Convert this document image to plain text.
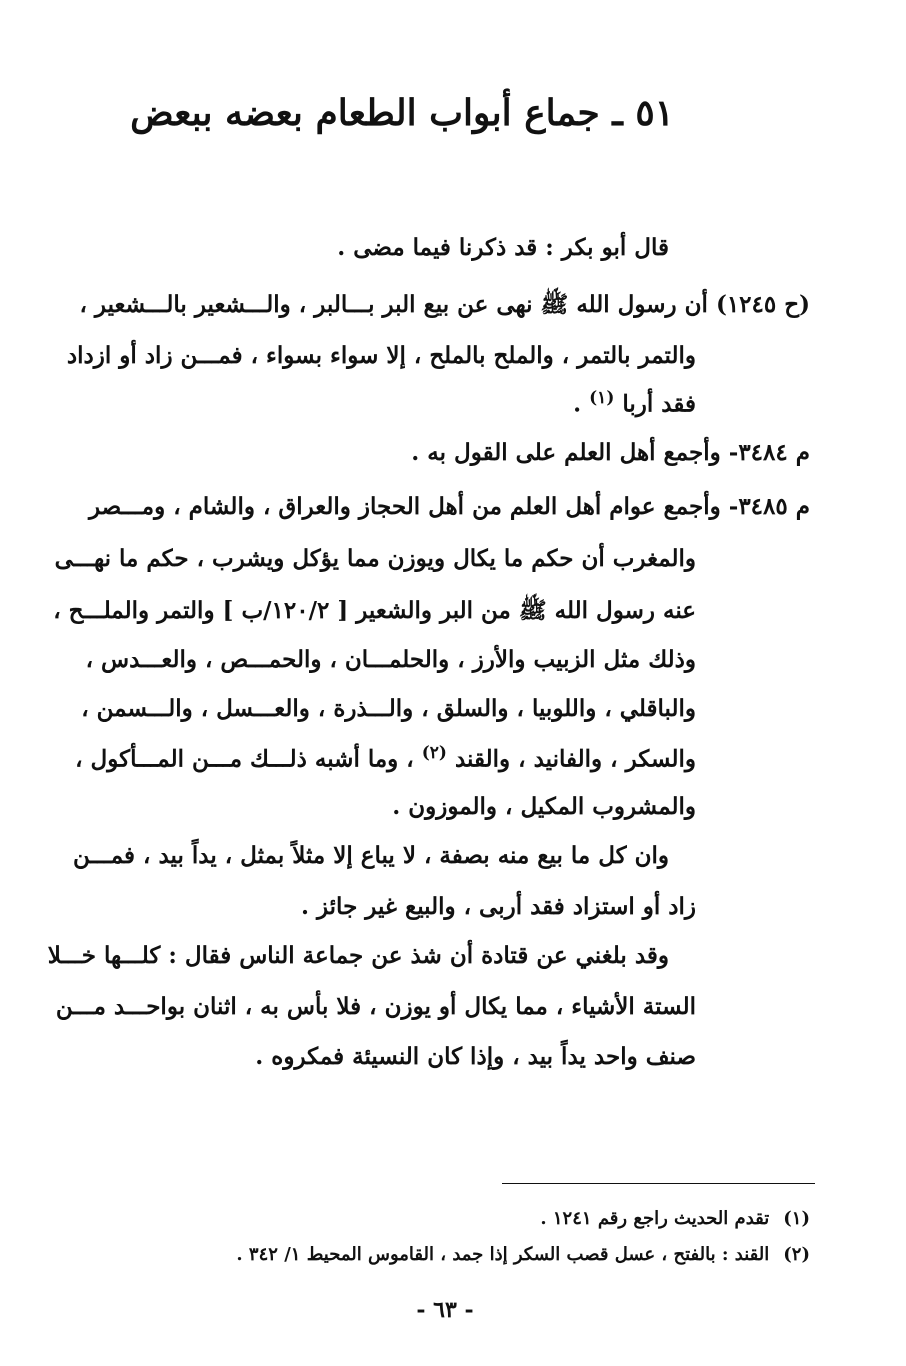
٥١ ـ جماع أبواب الطعام بعضه ببعض
قال أبو بكر : قد ذكرنا فيما مضى .
(ح ١٢٤٥) أن رسول الله ﷺ نهى عن بيع البر بـــالبر ، والـــشعير بالـــشعير ،
والتمر بالتمر ، والملح بالملح ، إلا سواء بسواء ، فمـــن زاد أو ازداد
فقد أربا $^{(١)}$ .
م ٣٤٨٤- وأجمع أهل العلم على القول به .
م ٣٤٨٥- وأجمع عوام أهل العلم من أهل الحجاز والعراق ، والشام ، ومـــصر
والمغرب أن حكم ما يكال ويوزن مما يؤكل ويشرب ، حكم ما نهـــى
عنه رسول الله ﷺ من البر والشعير [ ١٢٠/٢/ب ] والتمر والملـــح ،
وذلك مثل الزبيب والأرز ، والحلمـــان ، والحمـــص ، والعـــدس ،
والباقلي ، واللوبيا ، والسلق ، والـــذرة ، والعـــسل ، والـــسمن ،
والسكر ، والفانيد ، والقند $^{(٢)}$ ، وما أشبه ذلـــك مـــن المـــأكول ،
والمشروب المكيل ، والموزون .
وان كل ما بيع منه بصفة ، لا يباع إلا مثلاً بمثل ، يداً بيد ، فمـــن
زاد أو استزاد فقد أربى ، والبيع غير جائز .
وقد بلغني عن قتادة أن شذ عن جماعة الناس فقال : كلـــها خـــلا
الستة الأشياء ، مما يكال أو يوزن ، فلا بأس به ، اثنان بواحـــد مـــن
صنف واحد يداً بيد ، وإذا كان النسيئة فمكروه .
(١)تقدم الحديث راجع رقم ١٢٤١ .
(٢)القند : بالفتح ، عسل قصب السكر إذا جمد ، القاموس المحيط ١/ ٣٤٢ .
- ٦٣ -
